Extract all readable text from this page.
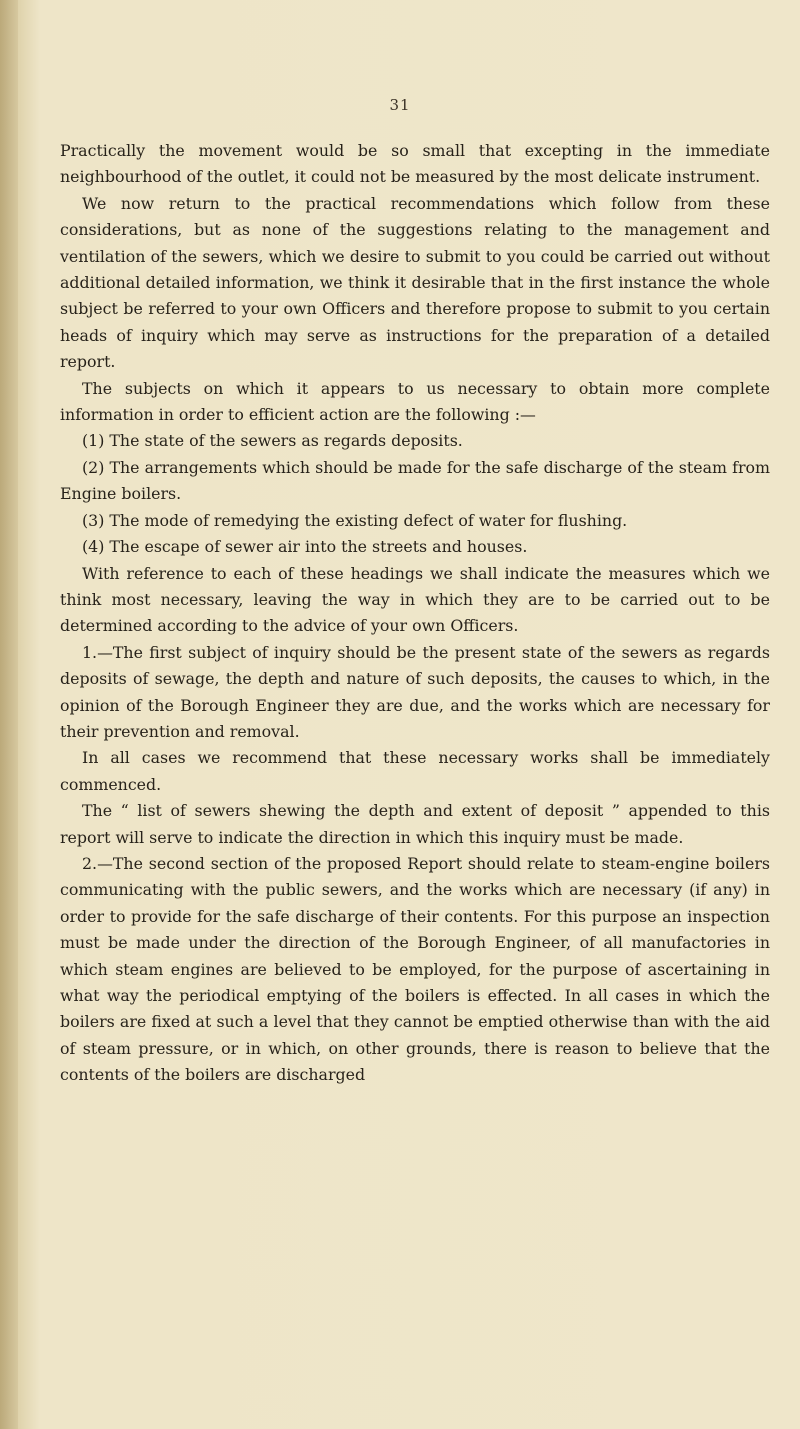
31

Practically the movement would be so small that excepting in the immediate neighbourhood of the outlet, it could not be measured by the most delicate instrument.

We now return to the practical recommendations which follow from these considerations, but as none of the suggestions relating to the management and ventilation of the sewers, which we desire to submit to you could be carried out without additional detailed information, we think it desirable that in the first instance the whole subject be referred to your own Officers and therefore propose to submit to you certain heads of inquiry which may serve as instructions for the preparation of a detailed report.

The subjects on which it appears to us necessary to obtain more complete information in order to efficient action are the following :—

(1) The state of the sewers as regards deposits.

(2) The arrangements which should be made for the safe discharge of the steam from Engine boilers.

(3) The mode of remedying the existing defect of water for flushing.

(4) The escape of sewer air into the streets and houses.

With reference to each of these headings we shall indicate the measures which we think most necessary, leaving the way in which they are to be carried out to be determined according to the advice of your own Officers.

1.—The first subject of inquiry should be the present state of the sewers as regards deposits of sewage, the depth and nature of such deposits, the causes to which, in the opinion of the Borough Engineer they are due, and the works which are necessary for their prevention and removal.

In all cases we recommend that these necessary works shall be immediately commenced.

The “ list of sewers shewing the depth and extent of deposit ” appended to this report will serve to indicate the direction in which this inquiry must be made.

2.—The second section of the proposed Report should relate to steam-engine boilers communicating with the public sewers, and the works which are necessary (if any) in order to provide for the safe discharge of their contents. For this purpose an inspection must be made under the direction of the Borough Engineer, of all manufactories in which steam engines are believed to be employed, for the purpose of ascertaining in what way the periodical emptying of the boilers is effected. In all cases in which the boilers are fixed at such a level that they cannot be emptied otherwise than with the aid of steam pressure, or in which, on other grounds, there is reason to believe that the contents of the boilers are discharged
